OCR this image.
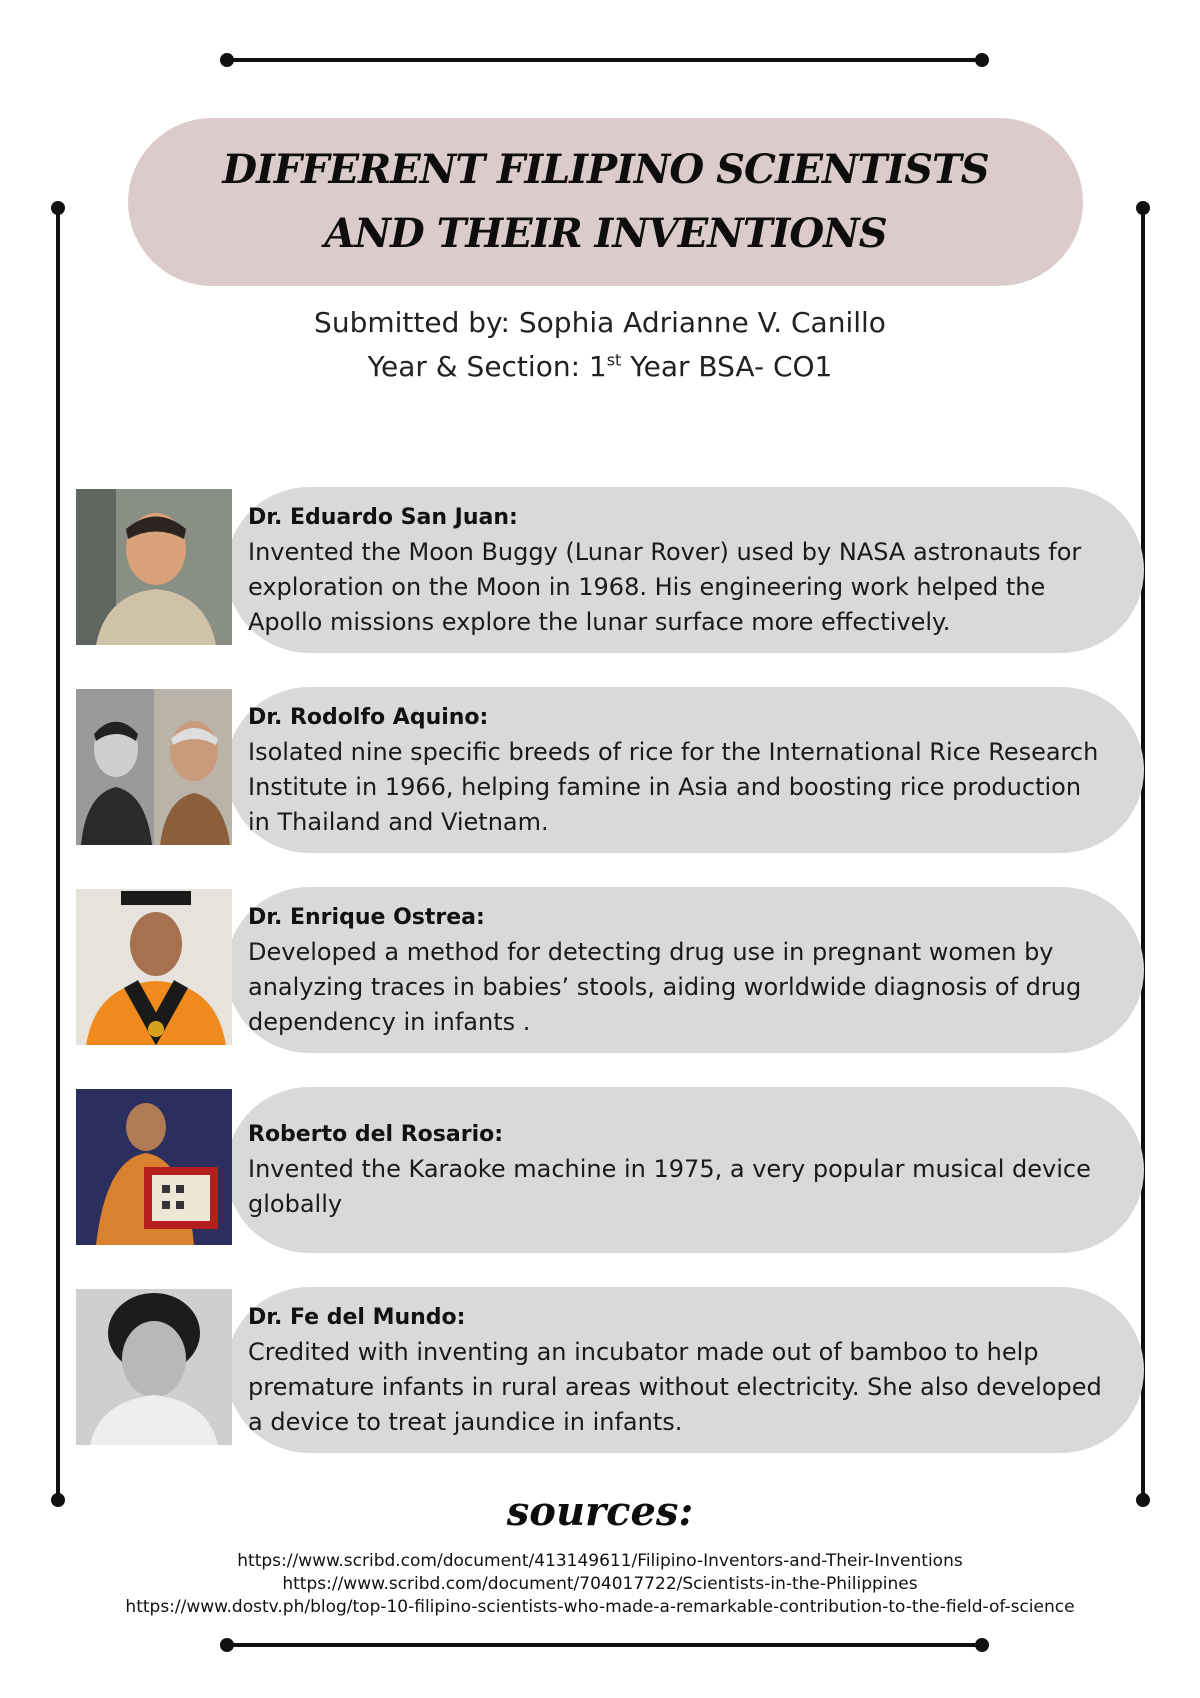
DIFFERENT FILIPINO SCIENTISTS
AND THEIR INVENTIONS
Submitted by: Sophia Adrianne V. Canillo
Year & Section: 1st Year BSA- CO1
Dr. Eduardo San Juan:
Invented the Moon Buggy (Lunar Rover) used by NASA astronauts for exploration on the Moon in 1968. His engineering work helped the Apollo missions explore the lunar surface more effectively.
Dr. Rodolfo Aquino:
Isolated nine specific breeds of rice for the International Rice Research Institute in 1966, helping famine in Asia and boosting rice production in Thailand and Vietnam.
Dr. Enrique Ostrea:
Developed a method for detecting drug use in pregnant women by analyzing traces in babies’ stools, aiding worldwide diagnosis of drug dependency in infants .
Roberto del Rosario:
Invented the Karaoke machine in 1975, a very popular musical device globally
Dr. Fe del Mundo:
Credited with inventing an incubator made out of bamboo to help premature infants in rural areas without electricity. She also developed a device to treat jaundice in infants.
sources:
https://www.scribd.com/document/413149611/Filipino-Inventors-and-Their-Inventions
https://www.scribd.com/document/704017722/Scientists-in-the-Philippines
https://www.dostv.ph/blog/top-10-filipino-scientists-who-made-a-remarkable-contribution-to-the-field-of-science
